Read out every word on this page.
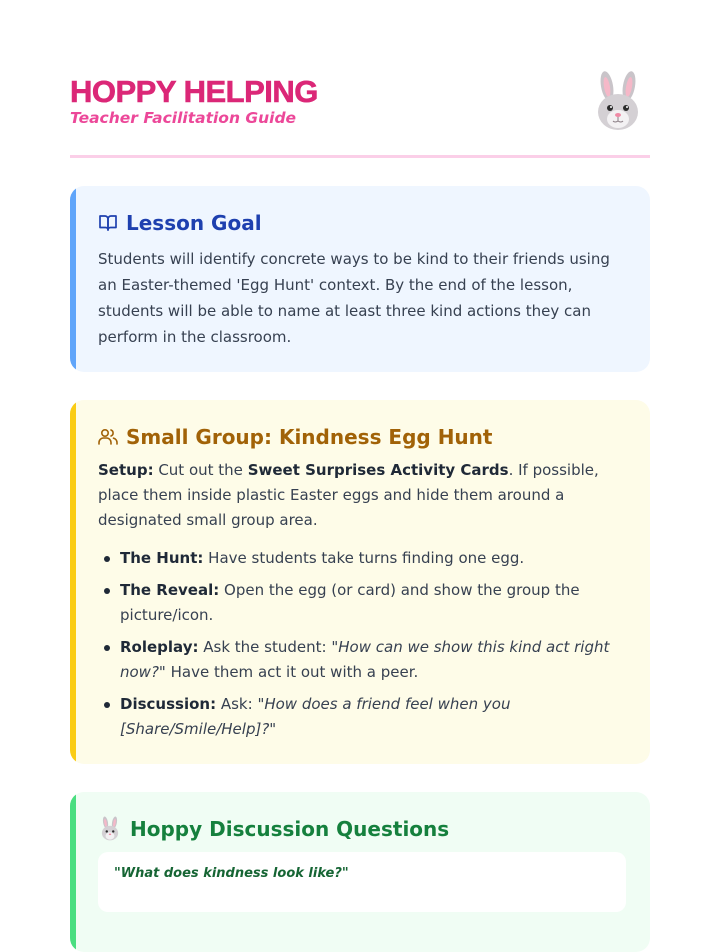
HOPPY HELPING
Teacher Facilitation Guide
Lesson Goal
Students will identify concrete ways to be kind to their friends using an Easter-themed 'Egg Hunt' context. By the end of the lesson, students will be able to name at least three kind actions they can perform in the classroom.
Small Group: Kindness Egg Hunt
Setup: Cut out the Sweet Surprises Activity Cards. If possible, place them inside plastic Easter eggs and hide them around a designated small group area.
The Hunt: Have students take turns finding one egg.
The Reveal: Open the egg (or card) and show the group the picture/icon.
Roleplay: Ask the student: "How can we show this kind act right now?" Have them act it out with a peer.
Discussion: Ask: "How does a friend feel when you [Share/Smile/Help]?"
Hoppy Discussion Questions
"What does kindness look like?"
